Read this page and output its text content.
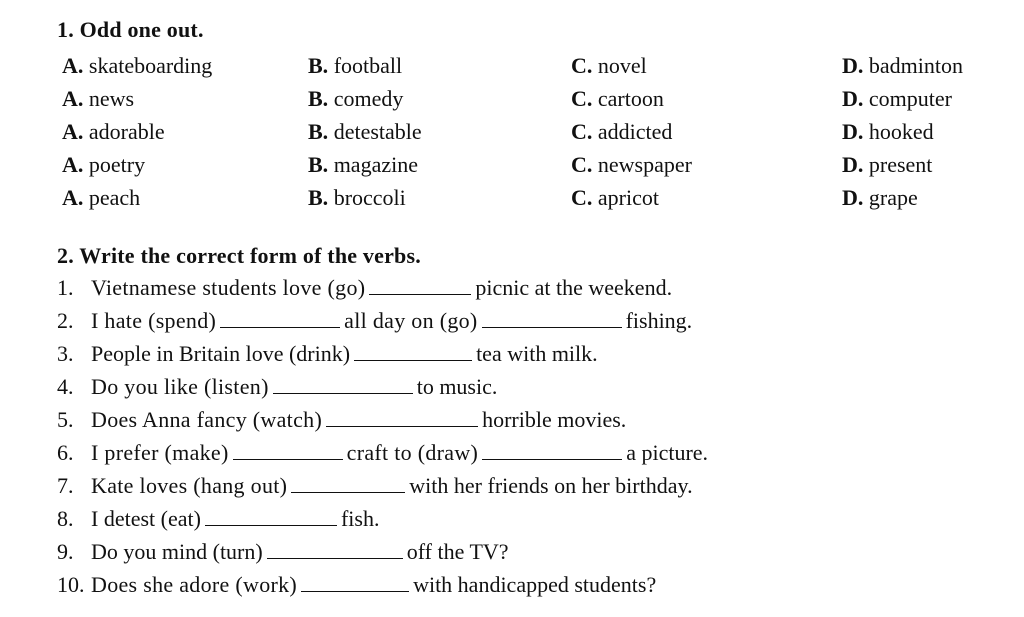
1. Odd one out.
A. skateboarding	B. football	C. novel	D. badminton
A. news	B. comedy	C. cartoon	D. computer
A. adorable	B. detestable	C. addicted	D. hooked
A. poetry	B. magazine	C. newspaper	D. present
A. peach	B. broccoli	C. apricot	D. grape
2. Write the correct form of the verbs.
1. Vietnamese students love (go)	picnic at the weekend.
2. I hate (spend)	all day on (go)	fishing.
3. People in Britain love (drink)	tea with milk.
4. Do you like (listen)	to music.
5. Does Anna fancy (watch)	horrible movies.
6. I prefer (make)	craft to (draw)	a picture.
7. Kate loves (hang out)	with her friends on her birthday.
8. I detest (eat)	fish.
9. Do you mind (turn)	off the TV?
10. Does she adore (work)	with handicapped students?
